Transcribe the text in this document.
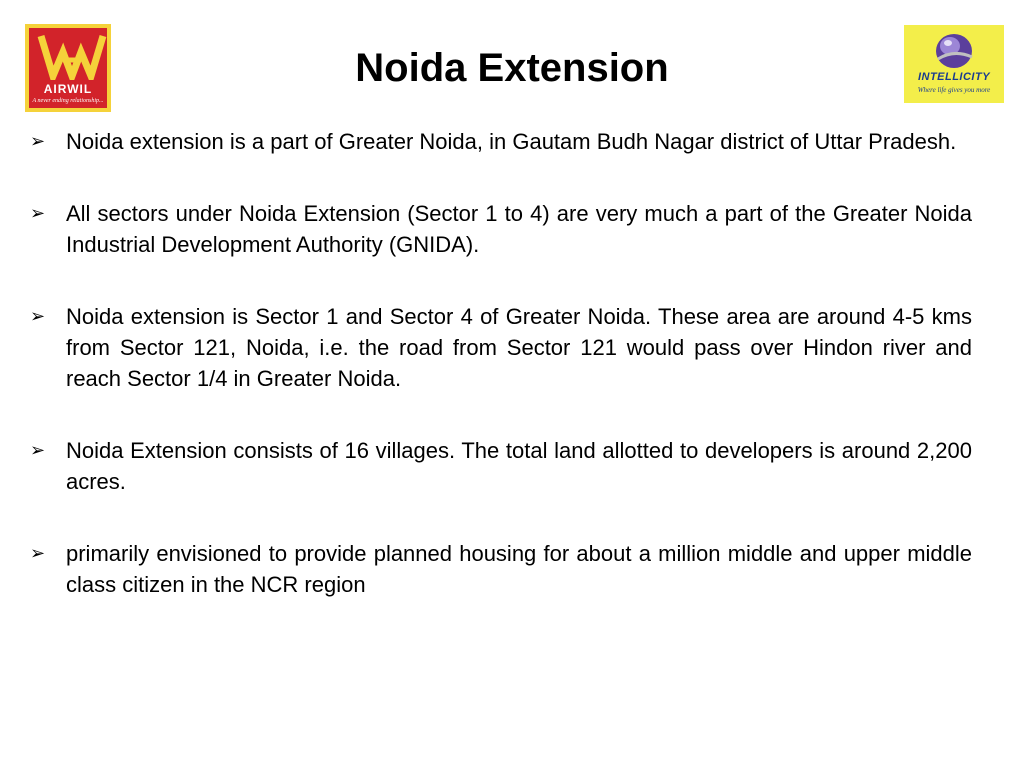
AIRWIL
A never ending relationship...
Noida Extension	INTELLICITY
Where life gives you more
➢ Noida extension is a part of Greater Noida, in Gautam Budh Nagar district of Uttar Pradesh.
➢ All sectors under Noida Extension (Sector 1 to 4) are very much a part of the Greater Noida Industrial Development Authority (GNIDA).
➢ Noida extension is Sector 1 and Sector 4 of Greater Noida. These area are around 4-5 kms from Sector 121, Noida, i.e. the road from Sector 121 would pass over Hindon river and reach Sector 1/4 in Greater Noida.
➢ Noida Extension consists of 16 villages. The total land allotted to developers is around 2,200 acres.
➢ primarily envisioned to provide planned housing for about a million middle and upper middle class citizen in the NCR region
